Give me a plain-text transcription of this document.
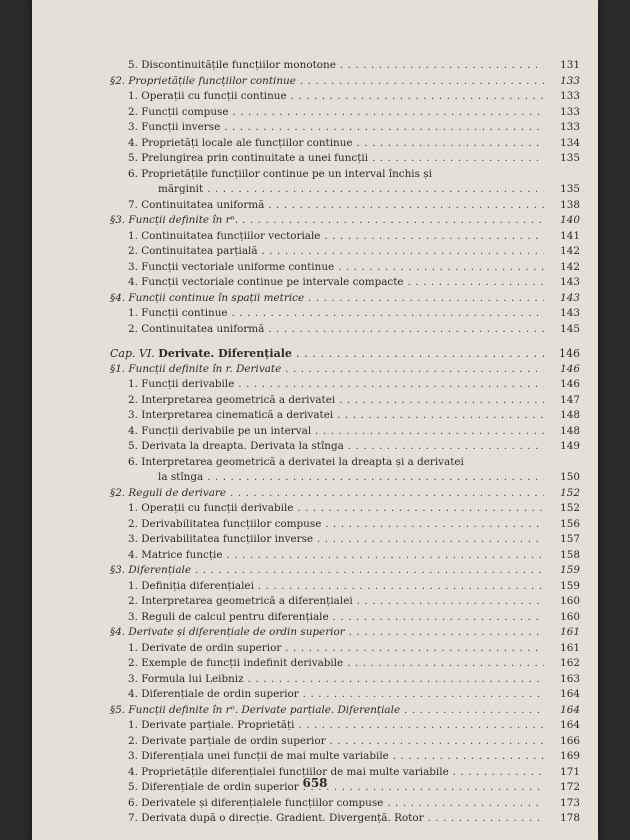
5. Discontinuitățile funcțiilor monotone . .	131
§2. Proprietățile funcțiilor continue . .	133
1. Operații cu funcții continue . .	133
2. Funcții compuse . .	133
3. Funcții inverse . .	133
4. Proprietăți locale ale funcțiilor continue . .	134
5. Prelungirea prin continuitate a unei funcții . .	135
6. Proprietățile funcțiilor continue pe un interval închis și
mărginit . .	135
7. Continuitatea uniformă . .	138
§3. Funcții definite în rⁿ. . .	140
1. Continuitatea funcțiilor vectoriale . .	141
2. Continuitatea parțială . .	142
3. Funcții vectoriale uniforme continue . .	142
4. Funcții vectoriale continue pe intervale compacte . .	143
§4. Funcții continue în spații metrice . .	143
1. Funcții continue . .	143
2. Continuitatea uniformă . .	145
Cap. VI. Derivate. Diferențiale . .	146
§1. Funcții definite în r. Derivate . .	146
1. Funcții derivabile . .	146
2. Interpretarea geometrică a derivatei . .	147
3. Interpretarea cinematică a derivatei . .	148
4. Funcții derivabile pe un interval . .	148
5. Derivata la dreapta. Derivata la stînga . .	149
6. Interpretarea geometrică a derivatei la dreapta și a derivatei
la stînga . .	150
§2. Reguli de derivare . .	152
1. Operații cu funcții derivabile . .	152
2. Derivabilitatea funcțiilor compuse . .	156
3. Derivabilitatea funcțiilor inverse . .	157
4. Matrice funcție . .	158
§3. Diferențiale . .	159
1. Definiția diferențialei . .	159
2. Interpretarea geometrică a diferențialei . .	160
3. Reguli de calcul pentru diferențiale . .	160
§4. Derivate și diferențiale de ordin superior . .	161
1. Derivate de ordin superior . .	161
2. Exemple de funcții indefinit derivabile . .	162
3. Formula lui Leibniz . .	163
4. Diferențiale de ordin superior . .	164
§5. Funcții definite în rⁿ. Derivate parțiale. Diferențiale . .	164
1. Derivate parțiale. Proprietăți . .	164
2. Derivate parțiale de ordin superior . .	166
3. Diferențiala unei funcții de mai multe variabile . .	169
4. Proprietățile diferențialei funcțiilor de mai multe variabile . .	171
5. Diferențiale de ordin superior . .	172
6. Derivatele și diferențialele funcțiilor compuse . .	173
7. Derivata după o direcție. Gradient. Divergență. Rotor . .	178
658
